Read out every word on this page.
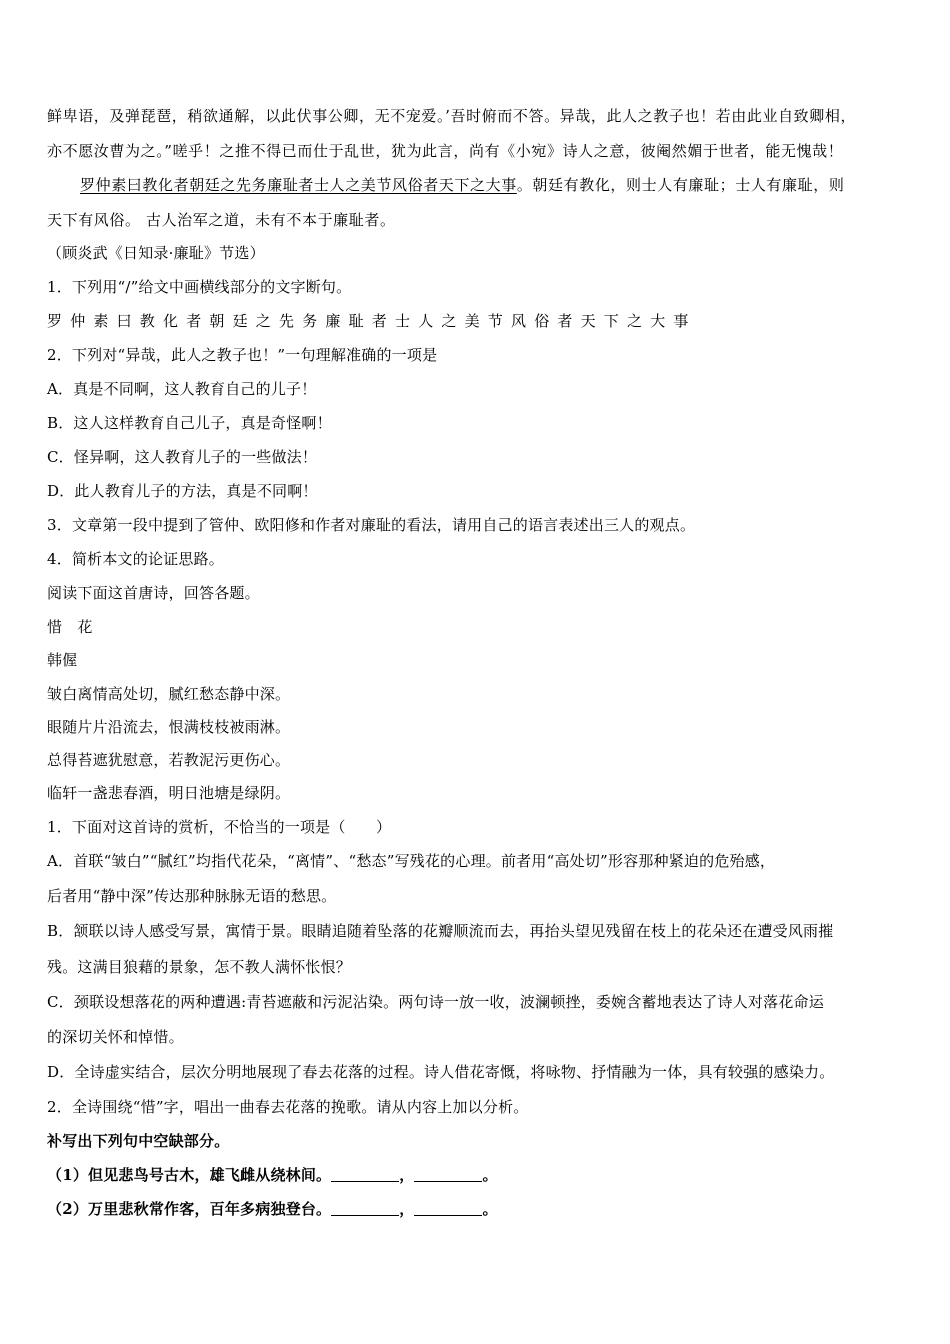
鲜卑语，及弹琵琶，稍欲通解，以此伏事公卿，无不宠爱。’吾时俯而不答。异哉，此人之教子也！若由此业自致卿相，
亦不愿汝曹为之。”嗟乎！之推不得已而仕于乱世，犹为此言，尚有《小宛》诗人之意，彼阉然媚于世者，能无愧哉！
罗仲素曰教化者朝廷之先务廉耻者士人之美节风俗者天下之大事。朝廷有教化，则士人有廉耻；士人有廉耻，则
天下有风俗。 古人治军之道，未有不本于廉耻者。
（顾炎武《日知录·廉耻》节选）
1．下列用“/”给文中画横线部分的文字断句。
罗仲素曰教化者朝廷之先务廉耻者士人之美节风俗者天下之大事
2．下列对“异哉，此人之教子也！”一句理解准确的一项是
A．真是不同啊，这人教育自己的儿子！
B．这人这样教育自己儿子，真是奇怪啊！
C．怪异啊，这人教育儿子的一些做法！
D．此人教育儿子的方法，真是不同啊！
3．文章第一段中提到了管仲、欧阳修和作者对廉耻的看法，请用自己的语言表述出三人的观点。
4．简析本文的论证思路。
阅读下面这首唐诗，回答各题。
惜　花
韩偓
皱白离情高处切，腻红愁态静中深。
眼随片片沿流去，恨满枝枝被雨淋。
总得苔遮犹慰意，若教泥污更伤心。
临轩一盏悲春酒，明日池塘是绿阴。
1．下面对这首诗的赏析，不恰当的一项是（　　）
A．首联“皱白”“腻红”均指代花朵，“离情”、“愁态”写残花的心理。前者用“高处切”形容那种紧迫的危殆感，
后者用“静中深”传达那种脉脉无语的愁思。
B．颔联以诗人感受写景，寓情于景。眼睛追随着坠落的花瓣顺流而去，再抬头望见残留在枝上的花朵还在遭受风雨摧
残。这满目狼藉的景象，怎不教人满怀怅恨？
C．颈联设想落花的两种遭遇:青苔遮蔽和污泥沾染。两句诗一放一收，波澜顿挫，委婉含蓄地表达了诗人对落花命运
的深切关怀和悼惜。
D．全诗虚实结合，层次分明地展现了春去花落的过程。诗人借花寄慨，将咏物、抒情融为一体，具有较强的感染力。
2．全诗围绕“惜”字，唱出一曲春去花落的挽歌。请从内容上加以分析。
补写出下列句中空缺部分。
（1）但见悲鸟号古木，雄飞雌从绕林间。	，	。
（2）万里悲秋常作客，百年多病独登台。	，	。
